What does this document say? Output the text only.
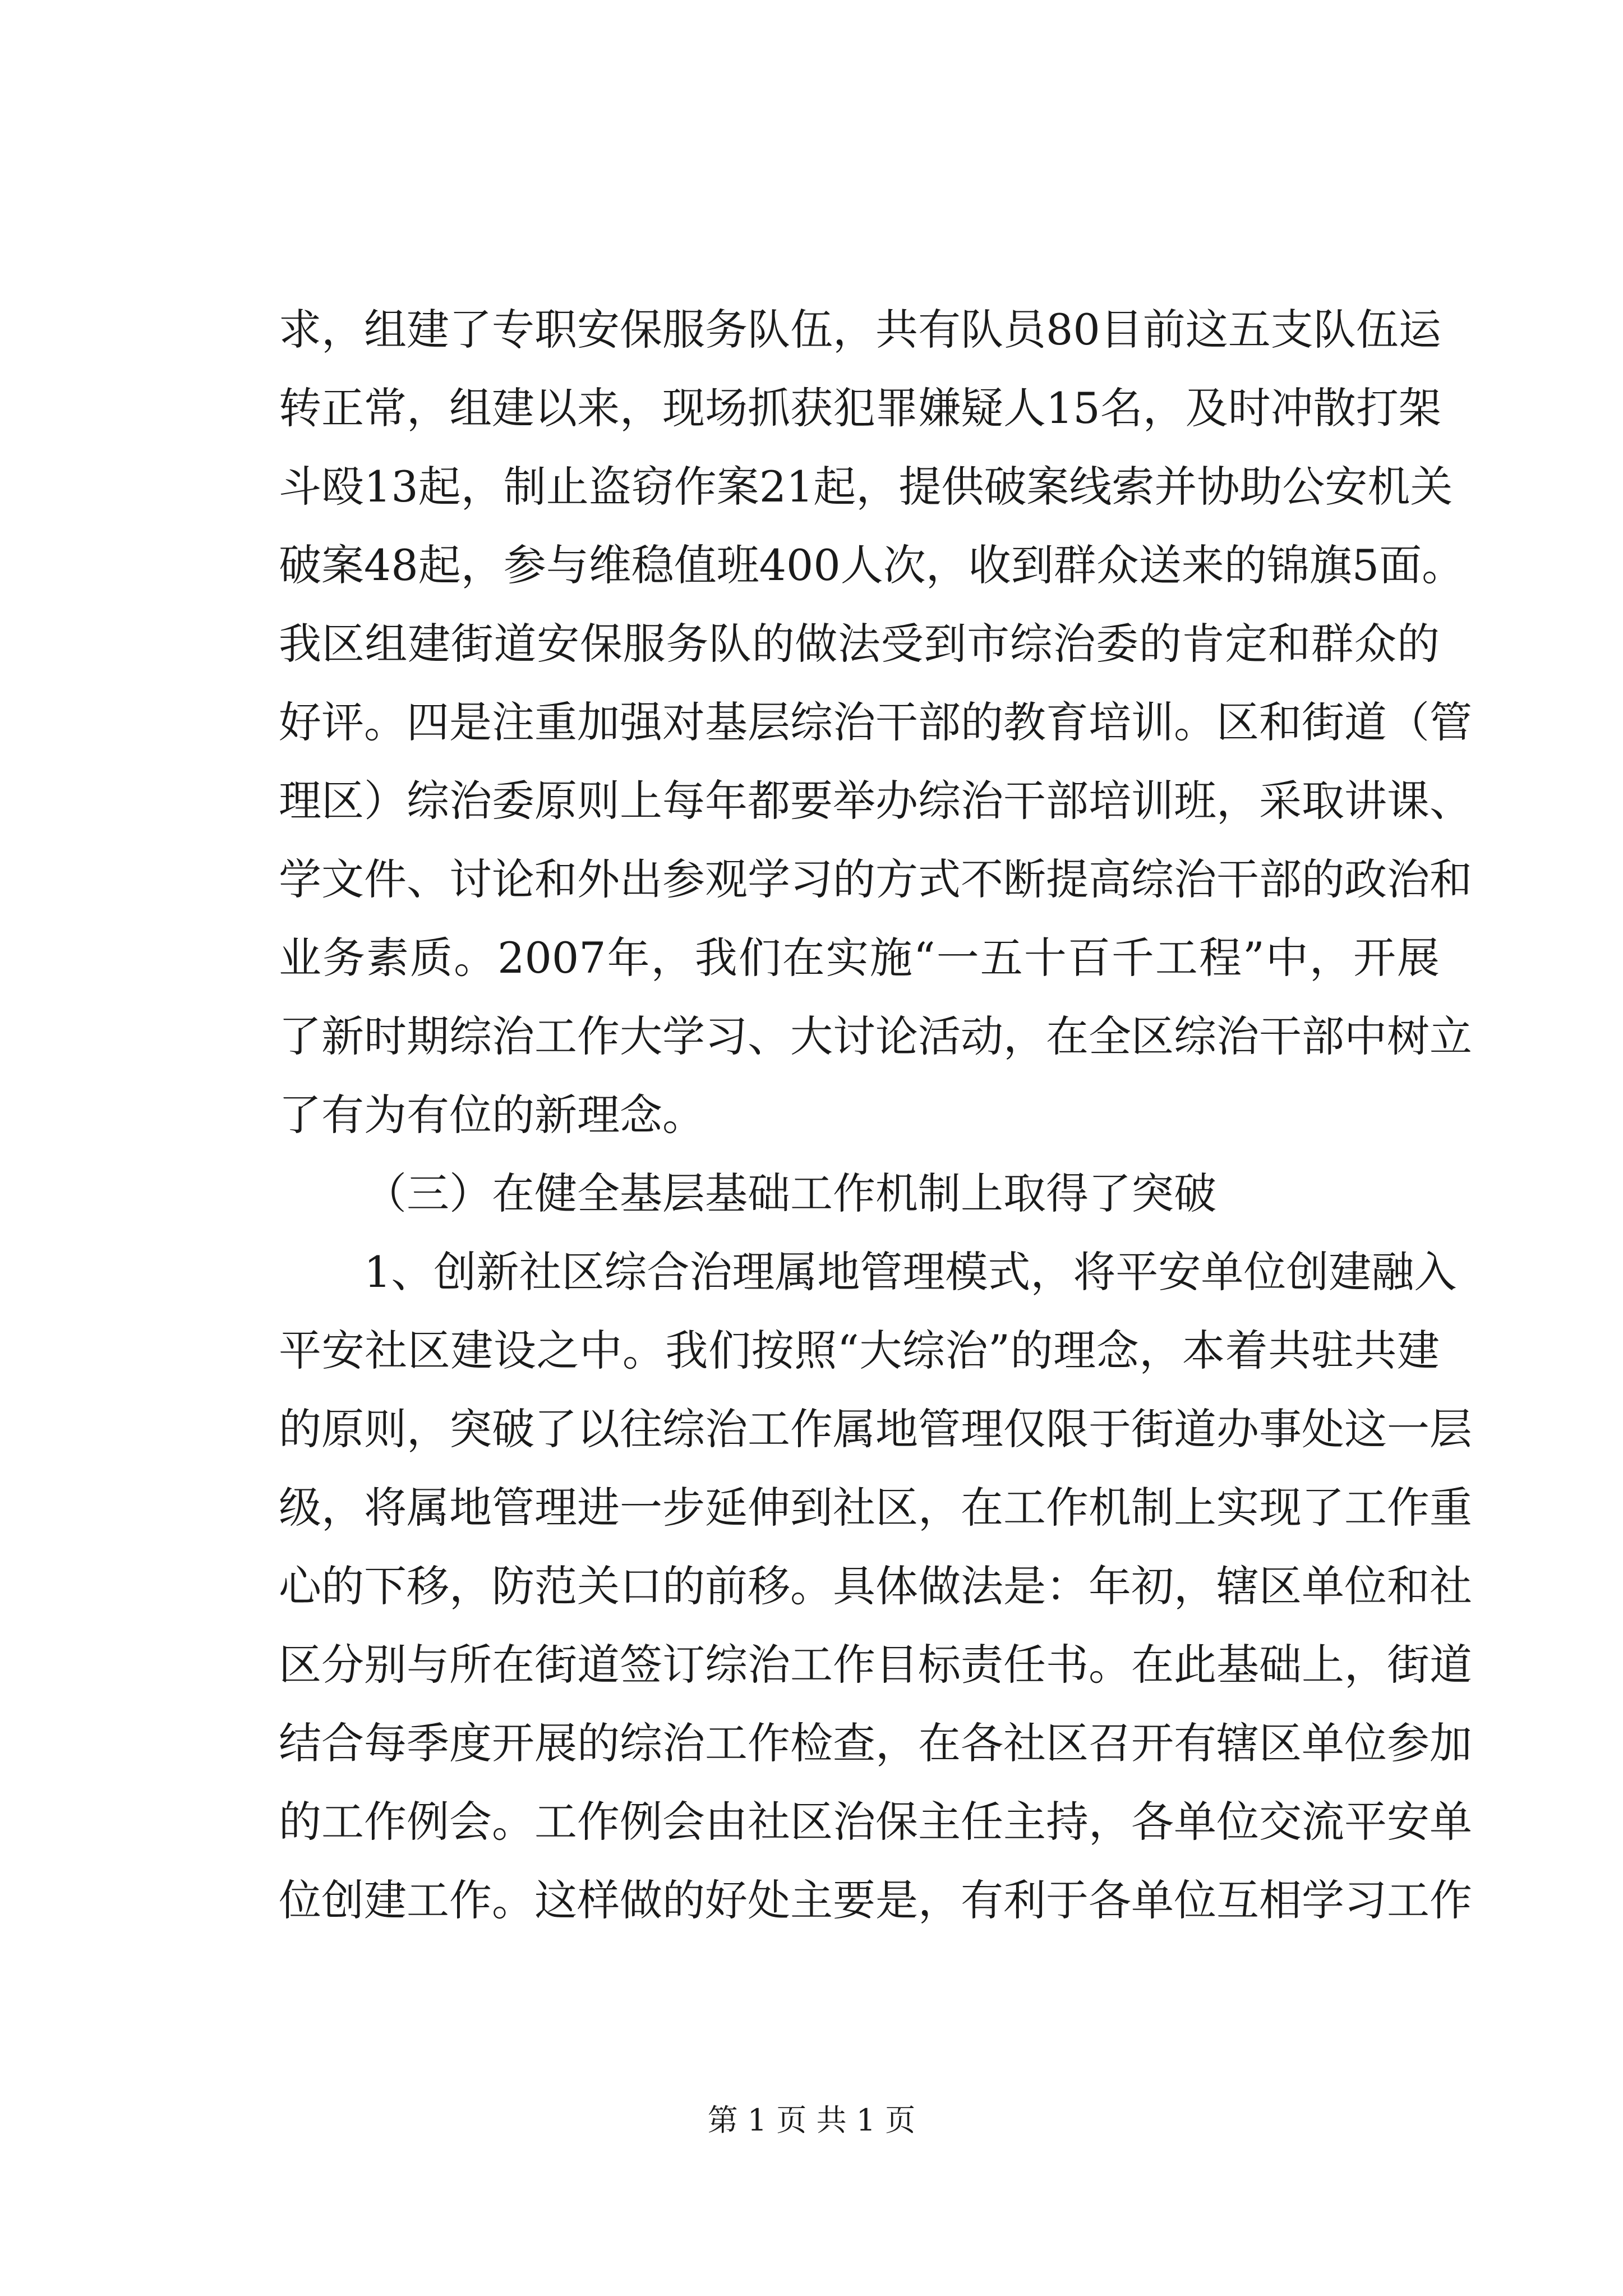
求，组建了专职安保服务队伍，共有队员80目前这五支队伍运
转正常，组建以来，现场抓获犯罪嫌疑人15名，及时冲散打架
斗殴13起，制止盗窃作案21起，提供破案线索并协助公安机关
破案48起，参与维稳值班400人次，收到群众送来的锦旗5面。
我区组建街道安保服务队的做法受到市综治委的肯定和群众的
好评。四是注重加强对基层综治干部的教育培训。区和街道（管
理区）综治委原则上每年都要举办综治干部培训班，采取讲课、
学文件、讨论和外出参观学习的方式不断提高综治干部的政治和
业务素质。2007年，我们在实施“一五十百千工程”中，开展
了新时期综治工作大学习、大讨论活动，在全区综治干部中树立
了有为有位的新理念。
（三）在健全基层基础工作机制上取得了突破
1、创新社区综合治理属地管理模式，将平安单位创建融入
平安社区建设之中。我们按照“大综治”的理念，本着共驻共建
的原则，突破了以往综治工作属地管理仅限于街道办事处这一层
级，将属地管理进一步延伸到社区，在工作机制上实现了工作重
心的下移，防范关口的前移。具体做法是：年初，辖区单位和社
区分别与所在街道签订综治工作目标责任书。在此基础上，街道
结合每季度开展的综治工作检查，在各社区召开有辖区单位参加
的工作例会。工作例会由社区治保主任主持，各单位交流平安单
位创建工作。这样做的好处主要是，有利于各单位互相学习工作
第 1 页 共 1 页
